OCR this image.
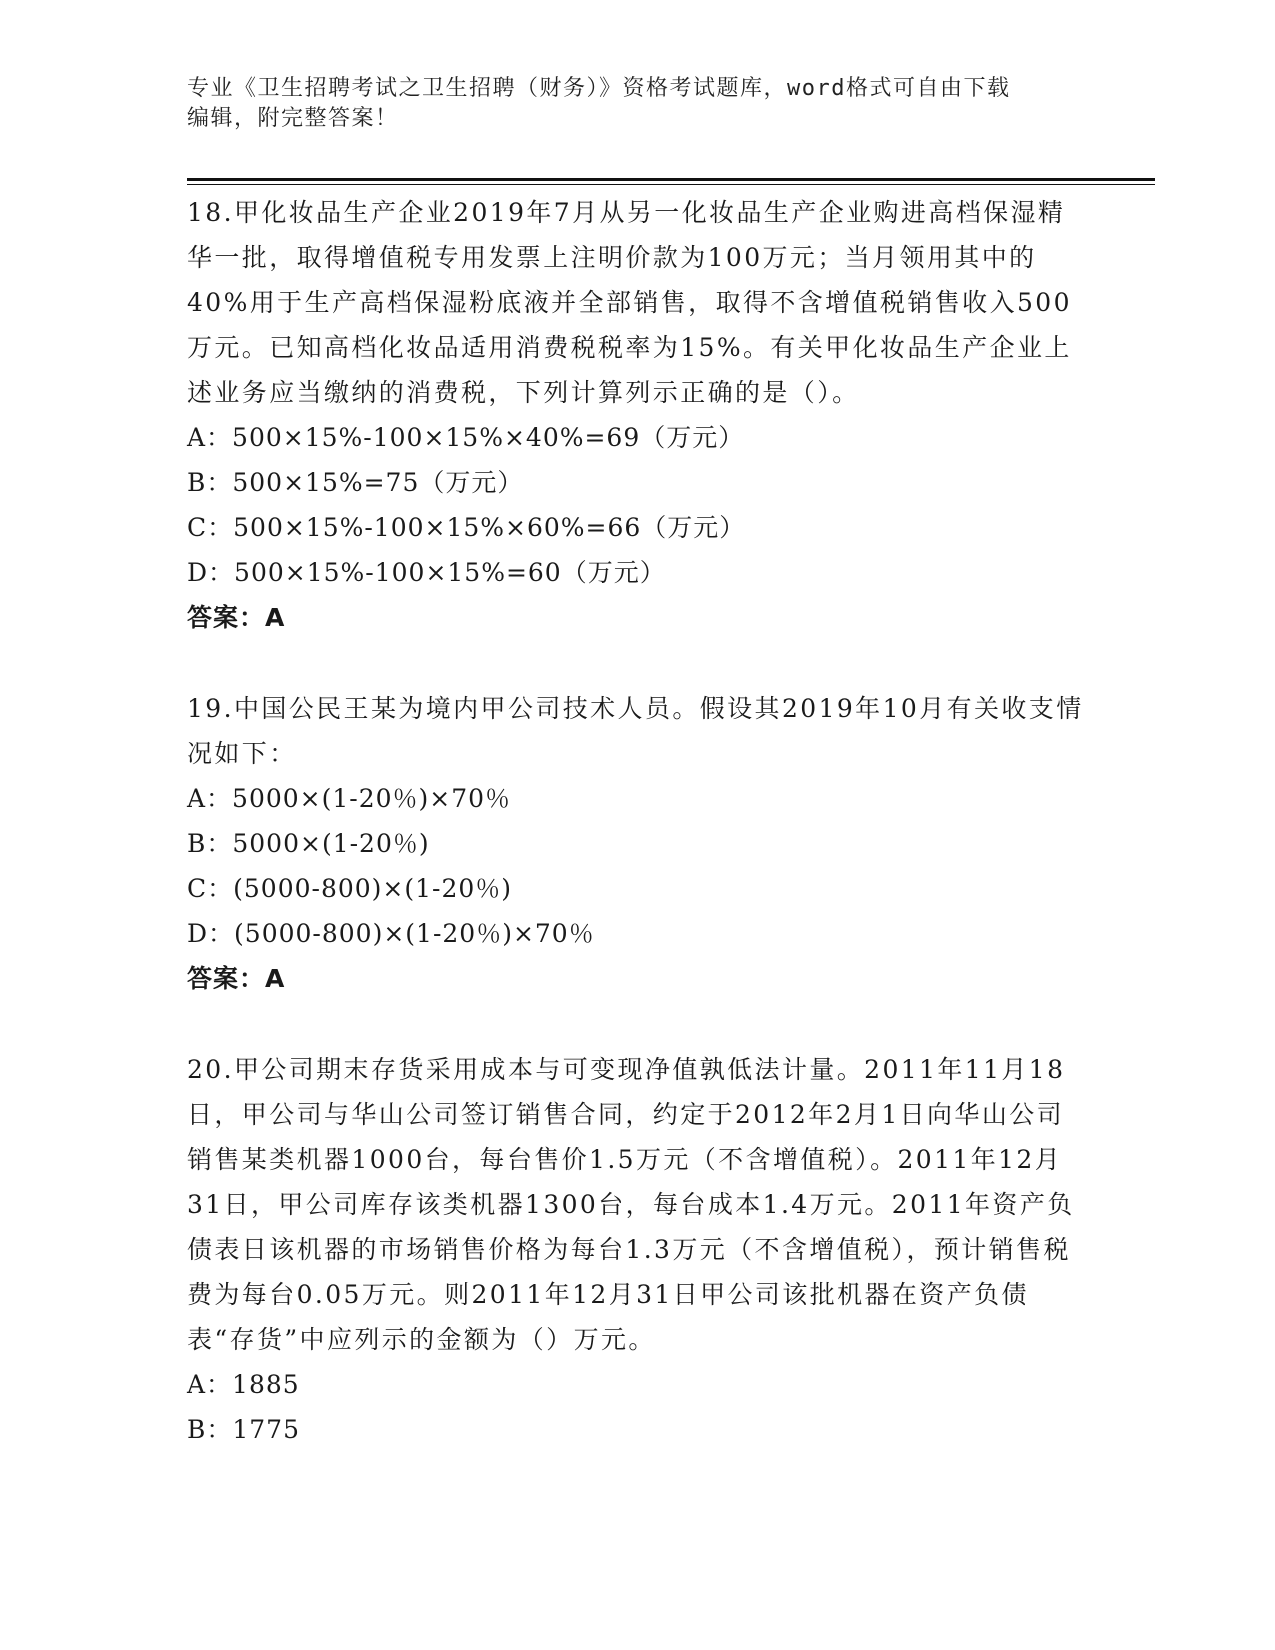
专业《卫生招聘考试之卫生招聘（财务）》资格考试题库，word格式可自由下载
编辑，附完整答案！

18.甲化妆品生产企业2019年7月从另一化妆品生产企业购进高档保湿精华一批，取得增值税专用发票上注明价款为100万元；当月领用其中的40%用于生产高档保湿粉底液并全部销售，取得不含增值税销售收入500万元。已知高档化妆品适用消费税税率为15%。有关甲化妆品生产企业上述业务应当缴纳的消费税，下列计算列示正确的是（）。

A：500×15%-100×15%×40%=69（万元）

B：500×15%=75（万元）

C：500×15%-100×15%×60%=66（万元）

D：500×15%-100×15%=60（万元）

答案：A

19.中国公民王某为境内甲公司技术人员。假设其2019年10月有关收支情况如下：

A：5000×(1-20％)×70％

B：5000×(1-20％)

C：(5000-800)×(1-20％)

D：(5000-800)×(1-20％)×70％

答案：A

20.甲公司期末存货采用成本与可变现净值孰低法计量。2011年11月18日，甲公司与华山公司签订销售合同，约定于2012年2月1日向华山公司销售某类机器1000台，每台售价1.5万元（不含增值税）。2011年12月31日，甲公司库存该类机器1300台，每台成本1.4万元。2011年资产负债表日该机器的市场销售价格为每台1.3万元（不含增值税），预计销售税费为每台0.05万元。则2011年12月31日甲公司该批机器在资产负债表“存货”中应列示的金额为（）万元。

A：1885

B：1775
